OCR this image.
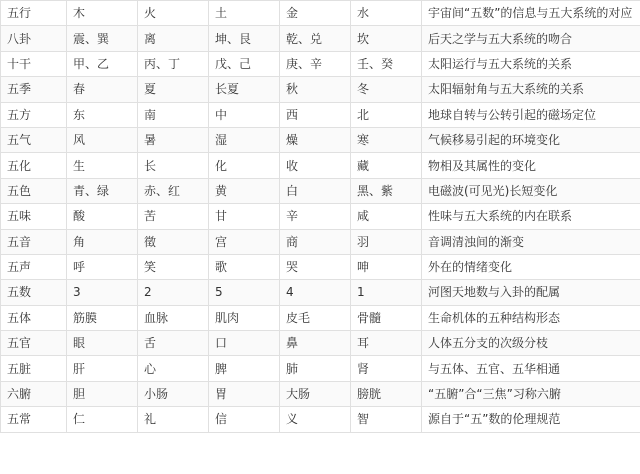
五行	木	火	土	金	水	宇宙间“五数”的信息与五大系统的对应
八卦	震、巽	离	坤、艮	乾、兑	坎	后天之学与五大系统的吻合
十干	甲、乙	丙、丁	戊、己	庚、辛	壬、癸	太阳运行与五大系统的关系
五季	春	夏	长夏	秋	冬	太阳辐射角与五大系统的关系
五方	东	南	中	西	北	地球自转与公转引起的磁场定位
五气	风	暑	湿	燥	寒	气候移易引起的环境变化
五化	生	长	化	收	藏	物相及其属性的变化
五色	青、绿	赤、红	黄	白	黑、紫	电磁波(可见光)长短变化
五味	酸	苦	甘	辛	咸	性味与五大系统的内在联系
五音	角	徵	宫	商	羽	音调清浊间的渐变
五声	呼	笑	歌	哭	呻	外在的情绪变化
五数	3	2	5	4	1	河图天地数与入卦的配属
五体	筋膜	血脉	肌肉	皮毛	骨髓	生命机体的五种结构形态
五官	眼	舌	口	鼻	耳	人体五分支的次级分枝
五脏	肝	心	脾	肺	肾	与五体、五官、五华相通
六腑	胆	小肠	胃	大肠	膀胱	“五腑”合“三焦”习称六腑
五常	仁	礼	信	义	智	源自于“五”数的伦理规范
